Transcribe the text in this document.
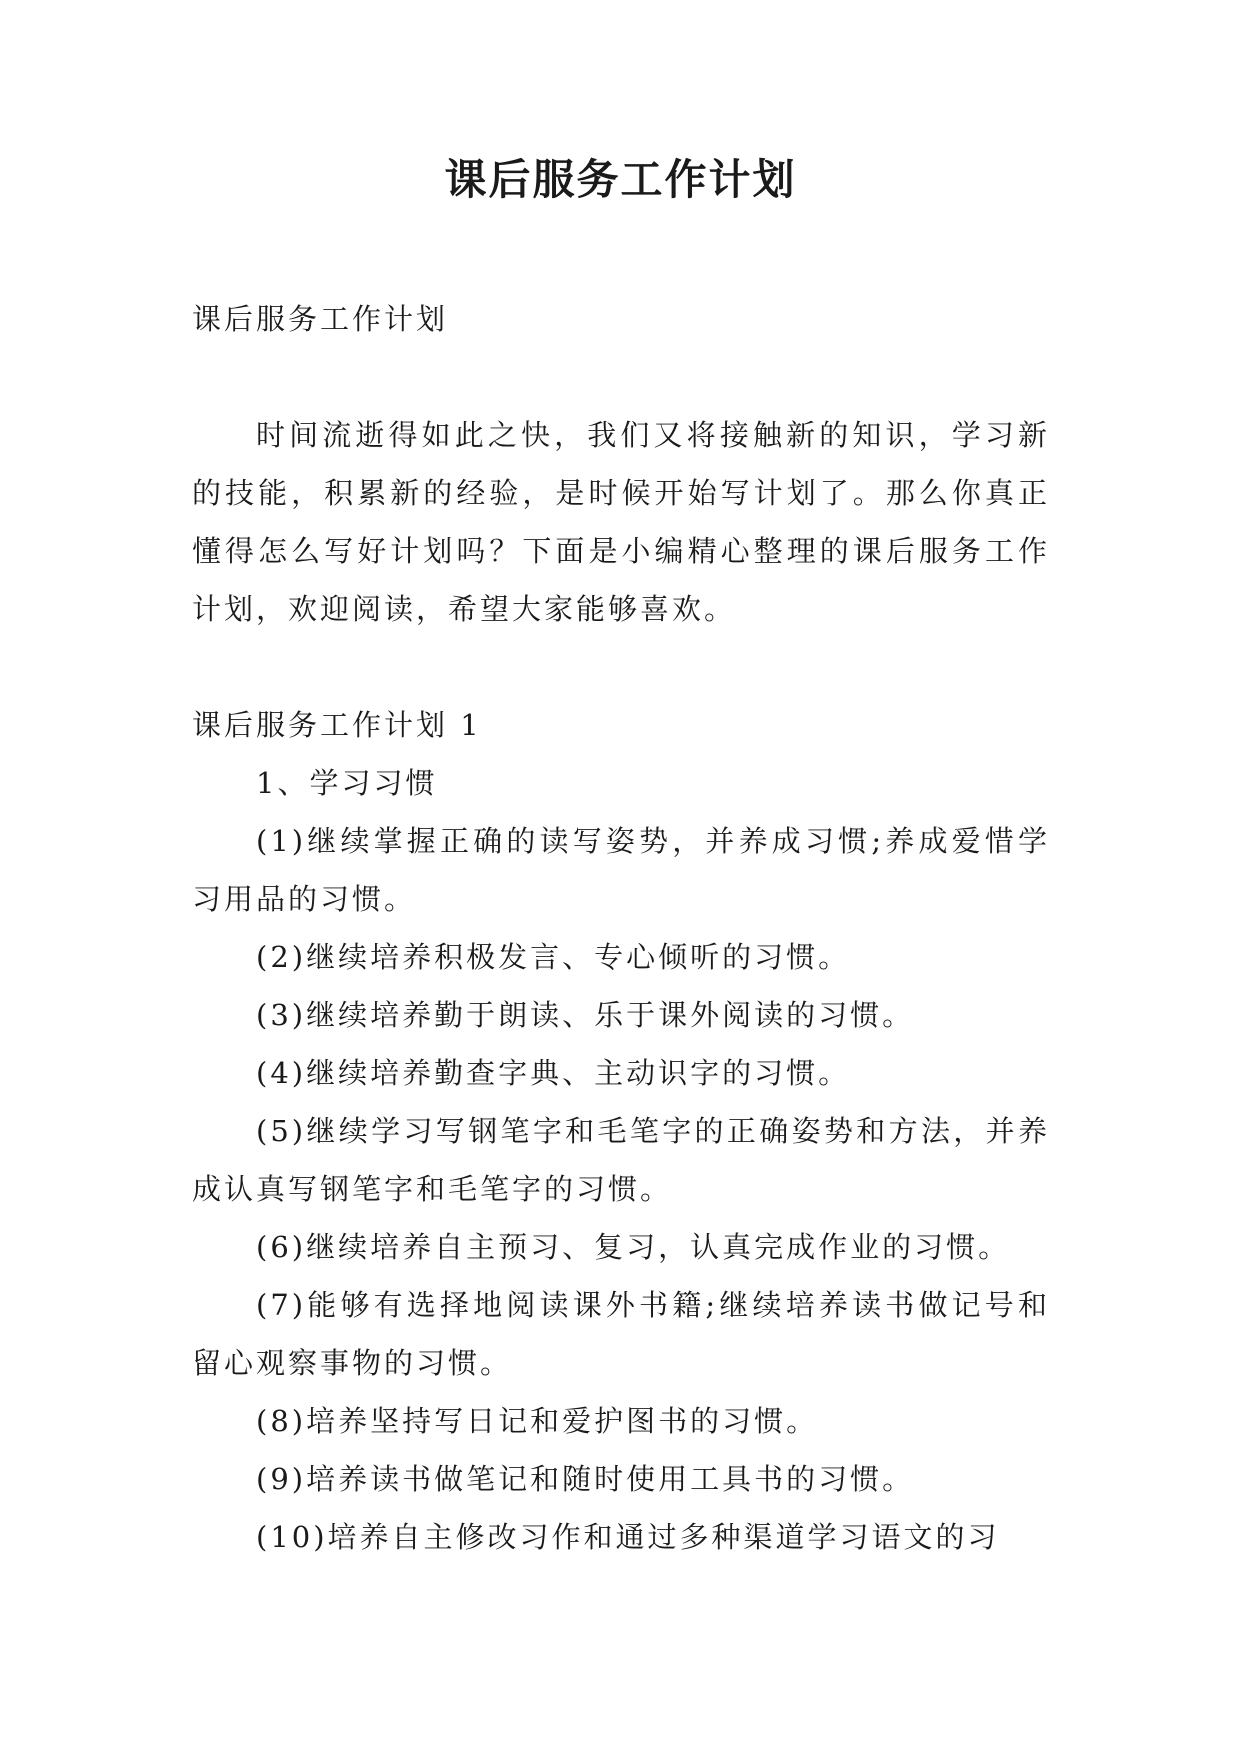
课后服务工作计划

课后服务工作计划

时间流逝得如此之快，我们又将接触新的知识，学习新的技能，积累新的经验，是时候开始写计划了。那么你真正懂得怎么写好计划吗？下面是小编精心整理的课后服务工作计划，欢迎阅读，希望大家能够喜欢。

课后服务工作计划 1

1、学习习惯

(1)继续掌握正确的读写姿势，并养成习惯;养成爱惜学习用品的习惯。

(2)继续培养积极发言、专心倾听的习惯。

(3)继续培养勤于朗读、乐于课外阅读的习惯。

(4)继续培养勤查字典、主动识字的习惯。

(5)继续学习写钢笔字和毛笔字的正确姿势和方法，并养成认真写钢笔字和毛笔字的习惯。

(6)继续培养自主预习、复习，认真完成作业的习惯。

(7)能够有选择地阅读课外书籍;继续培养读书做记号和留心观察事物的习惯。

(8)培养坚持写日记和爱护图书的习惯。

(9)培养读书做笔记和随时使用工具书的习惯。

(10)培养自主修改习作和通过多种渠道学习语文的习
